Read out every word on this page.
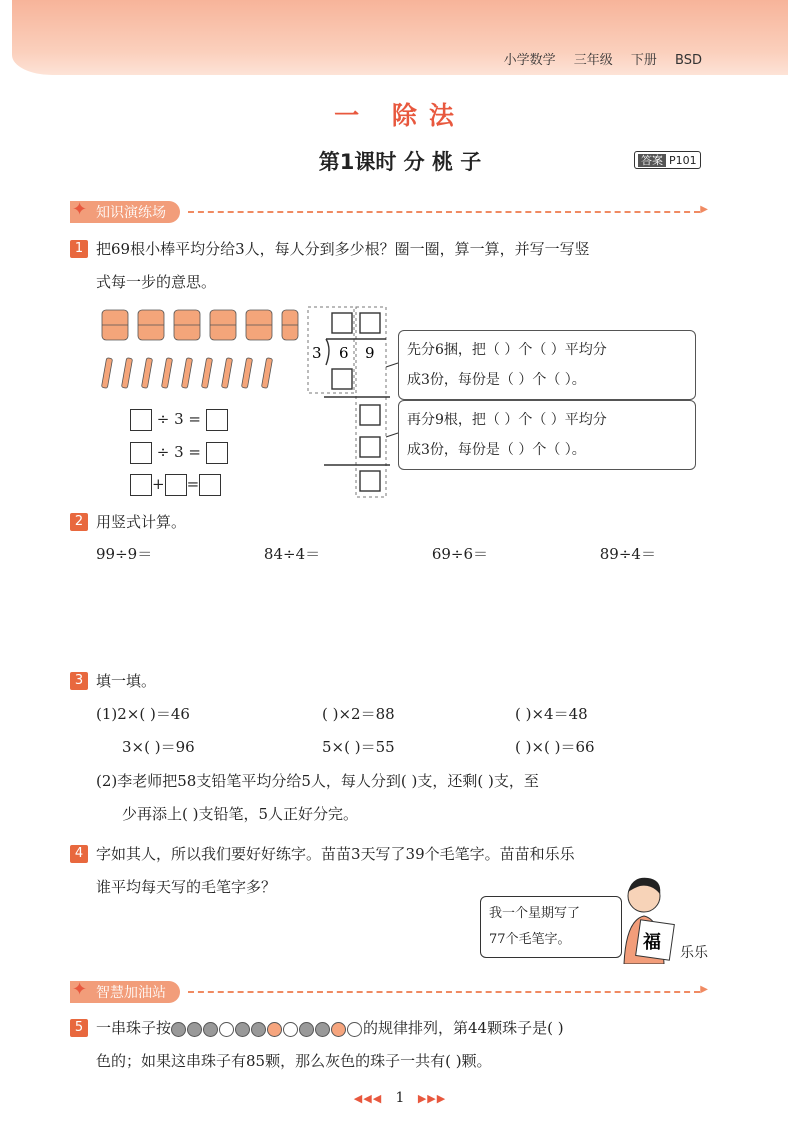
小学数学 三年级 下册 BSD
一 除法
第1课时 分 桃 子	答案 P101
✦ 知识演练场
▶
1 把69根小棒平均分给3人，每人分到多少根？圈一圈，算一算，并写一写竖
式每一步的意思。
÷ 3 =
÷ 3 =
+ =
3 6 9 先分6捆，把（ ）个（ ）平均分
成3份，每份是（ ）个（ ）。
再分9根，把（ ）个（ ）平均分
成3份，每份是（ ）个（ ）。
2 用竖式计算。
99÷9＝	84÷4＝	69÷6＝	89÷4＝
3 填一填。
(1)2×( )＝46	( )×2＝88	( )×4＝48
3×( )＝96	5×( )＝55	( )×( )＝66
(2)李老师把58支铅笔平均分给5人，每人分到( )支，还剩( )支，至
少再添上( )支铅笔，5人正好分完。
4 字如其人，所以我们要好好练字。苗苗3天写了39个毛笔字。苗苗和乐乐
谁平均每天写的毛笔字多？
我一个星期写了
77个毛笔字。	福 乐乐
✦ 智慧加油站
▶
5 一串珠子按	的规律排列，第44颗珠子是( )
色的；如果这串珠子有85颗，那么灰色的珠子一共有( )颗。
◀◀◀ 1 ▶▶▶
